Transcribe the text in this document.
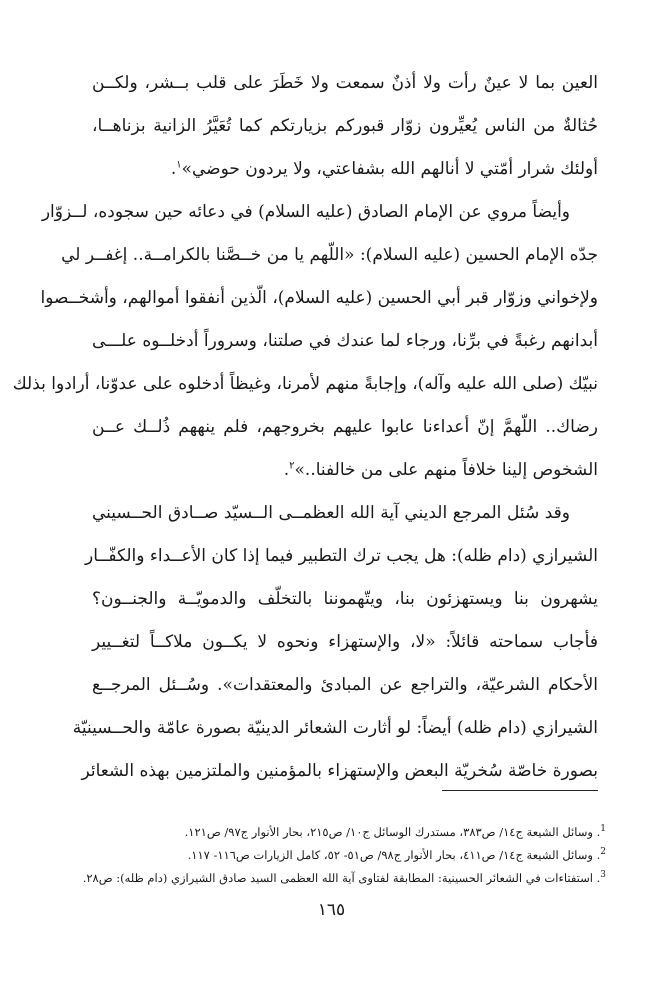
العين بما لا عينٌ رأت ولا أذنٌ سمعت ولا خَطَرَ على قلب بــشر، ولكــن
حُثالةٌ من الناس يُعيِّرون زوّار قبوركم بزيارتكم كما تُعَيَّرُ الزانية بزناهــا،
أولئك شرار أمّتي لا أنالهم الله بشفاعتي، ولا يردون حوضي»$^١$.
وأيضاً مروي عن الإمام الصادق (عليه السلام) في دعائه حين سجوده، لــزوّار
جدّه الإمام الحسين (عليه السلام): «اللّهم يا من خــصَّنا بالكرامــة.. إغفــر لي
ولإخواني وزوّار قبر أبي الحسين (عليه السلام)، الّذين أنفقوا أموالهم، وأشخــصوا
أبدانهم رغبةً في برِّنا، ورجاء لما عندك في صلتنا، وسروراً أدخلــوه علـــى
نبيّك (صلى الله عليه وآله)، وإجابةً منهم لأمرنا، وغيظاً أدخلوه على عدوّنا، أرادوا بذلك
رضاك.. اللّهمَّ إنّ أعداءنا عابوا عليهم بخروجهم، فلم ينههم ذُلــك عــن
الشخوص إلينا خلافاً منهم على من خالفنا..»$^٢$.
وقد سُئل المرجع الديني آية الله العظمــى الــسيّد صــادق الحــسيني
الشيرازي (دام ظله): هل يجب ترك التطبير فيما إذا كان الأعــداء والكفّــار
يشهرون بنا ويستهزئون بنا، ويتّهموننا بالتخلّف والدمويّــة والجنــون؟
فأجاب سماحته قائلاً: «لا، والإستهزاء ونحوه لا يكــون ملاكــاً لتغــيير
الأحكام الشرعيّة، والتراجع عن المبادئ والمعتقدات». وسُــئل المرجــع
الشيرازي (دام ظله) أيضاً: لو أثارت الشعائر الدينيّة بصورة عامّة والحــسينيّة
بصورة خاصّة سُخريّة البعض والإستهزاء بالمؤمنين والملتزمين بهذه الشعائر
$^1$. وسائل الشيعة ج١٤/ ص٣٨٣، مستدرك الوسائل ج١٠/ ص٢١٥، بحار الأنوار ج٩٧/ ص١٢١.
$^2$. وسائل الشيعة ج١٤/ ص٤١١، بحار الأنوار ج٩٨/ ص٥١- ٥٢، كامل الزيارات ص١١٦- ١١٧.
$^3$. استفتاءات في الشعائر الحسينية: المطابقة لفتاوى آية الله العظمى السيد صادق الشيرازي (دام ظله): ص٢٨.
١٦٥
